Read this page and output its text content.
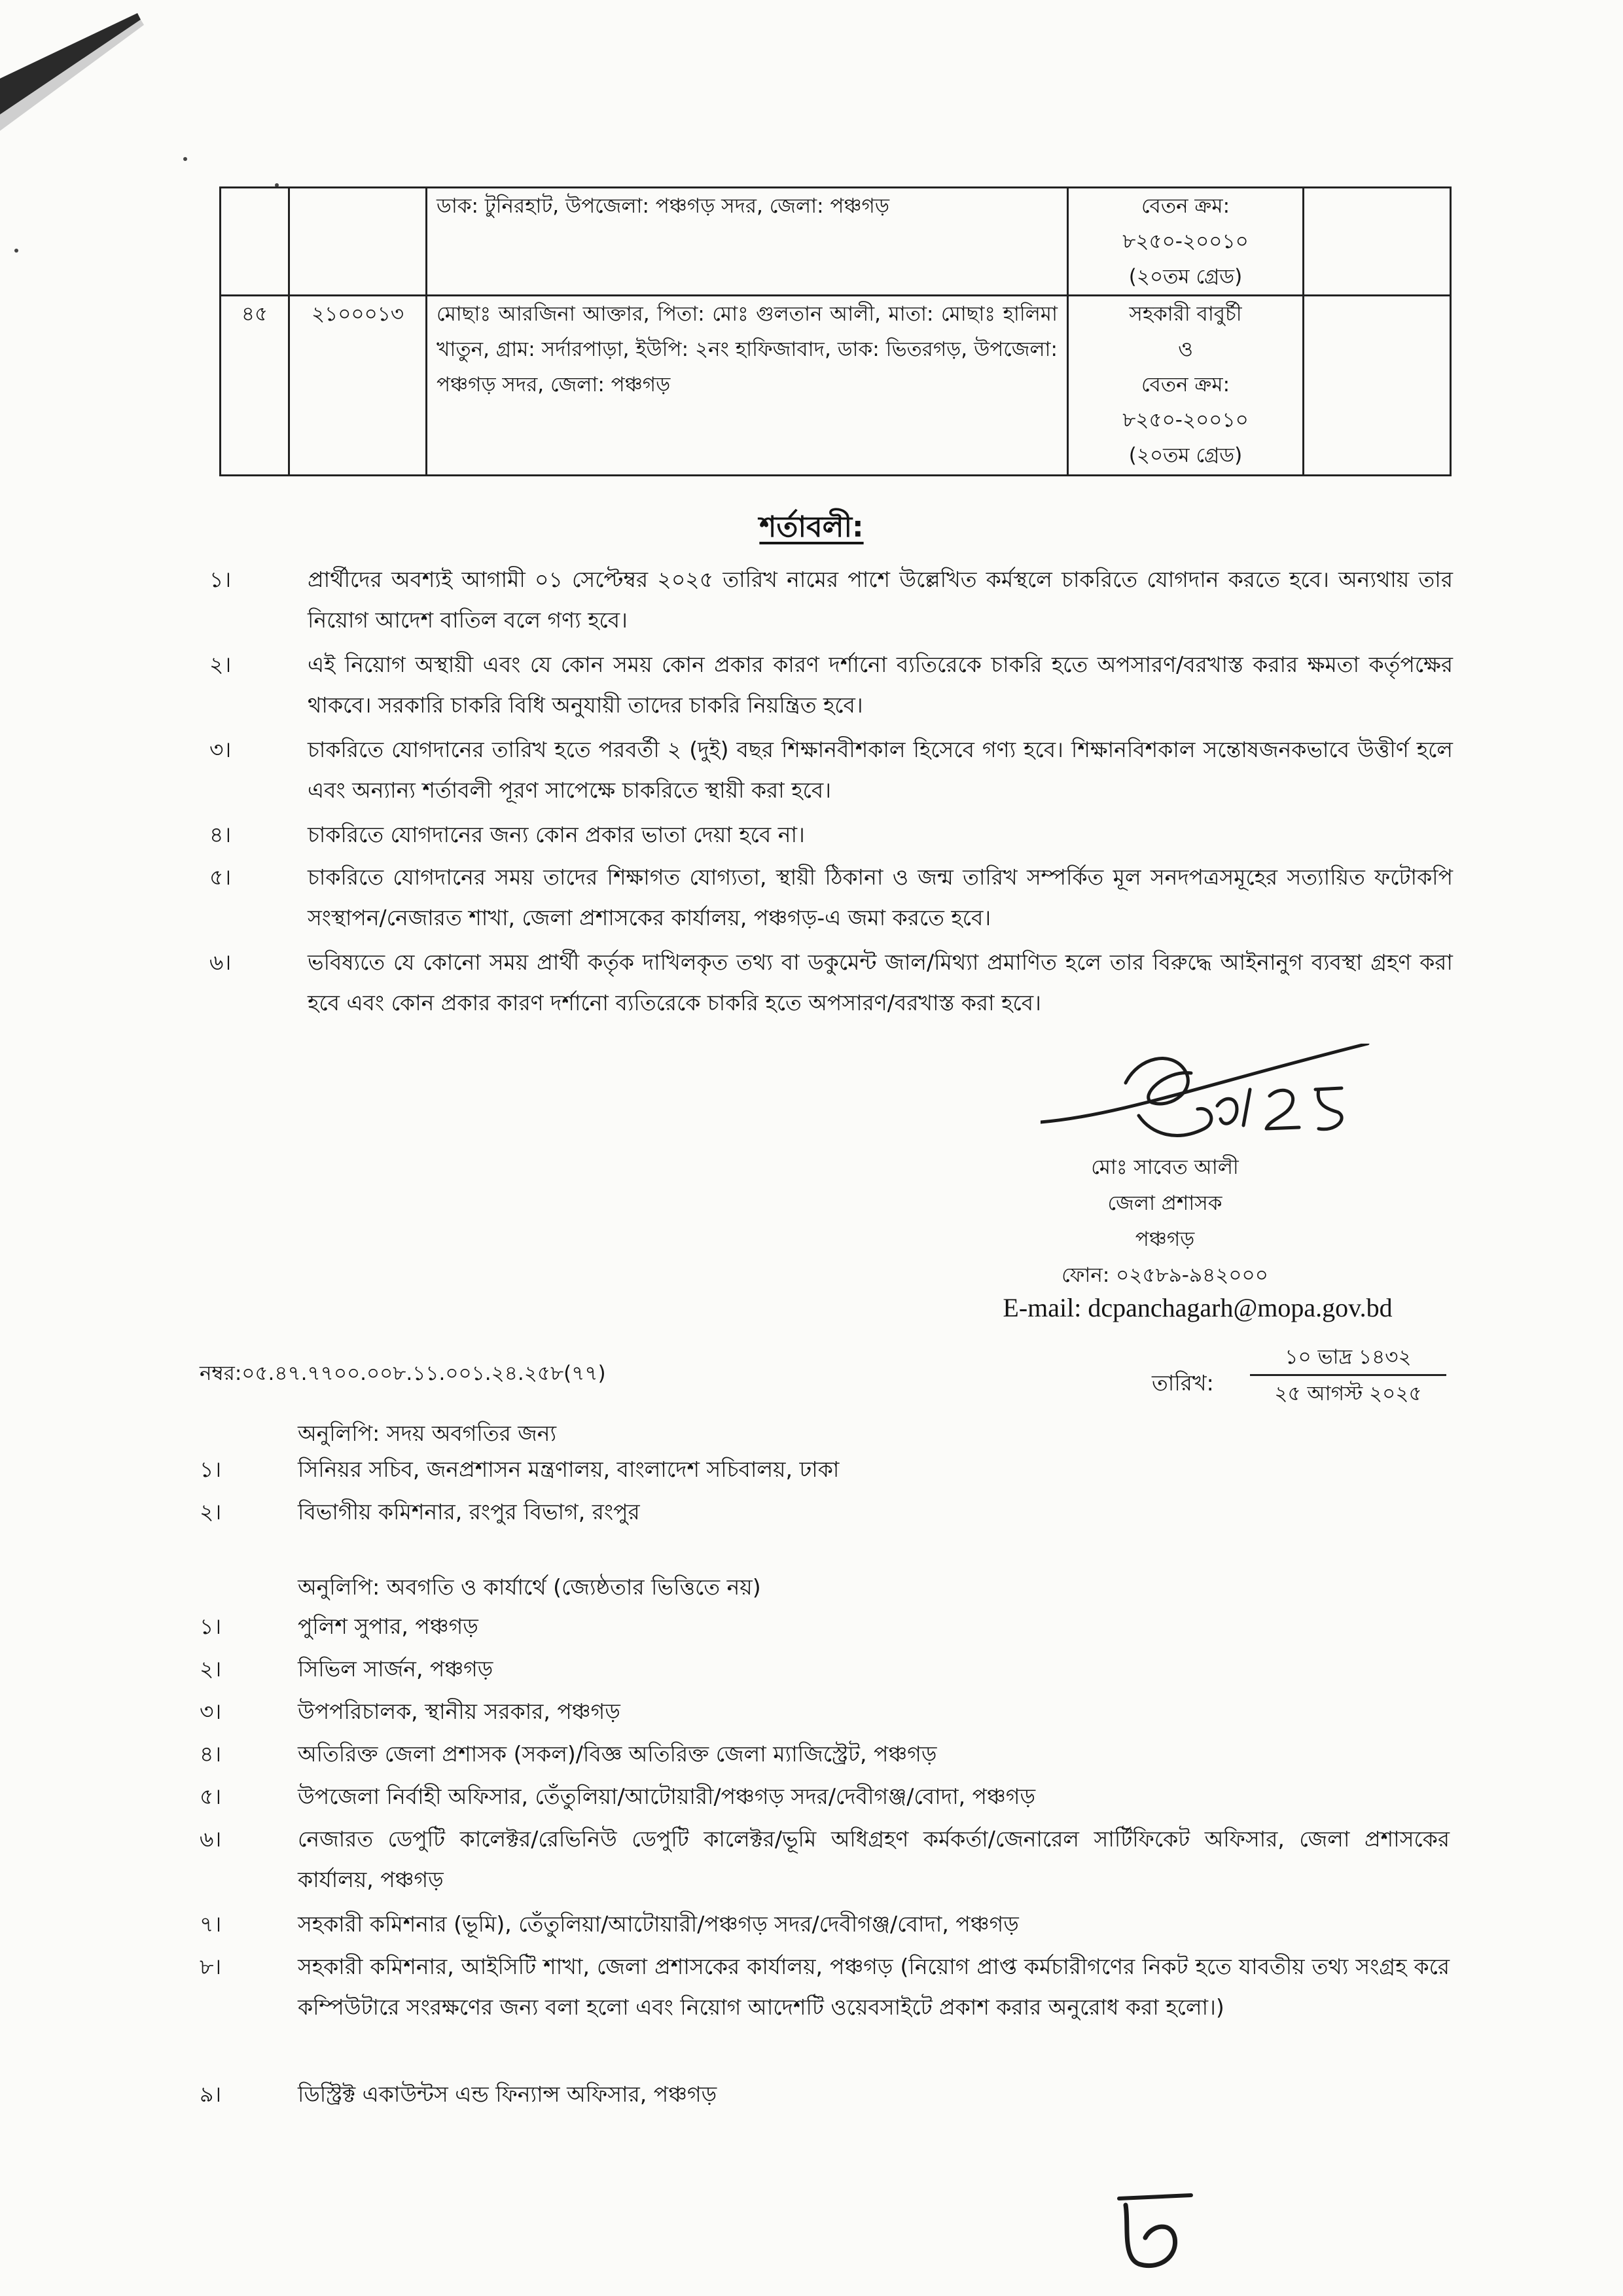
		ডাক: টুনিরহাট, উপজেলা: পঞ্চগড় সদর, জেলা: পঞ্চগড়	বেতন ক্রম:
৮২৫০-২০০১০
(২০তম গ্রেড)	

৪৫	২১০০০১৩	মোছাঃ আরজিনা আক্তার, পিতা: মোঃ গুলতান আলী, মাতা: মোছাঃ হালিমা খাতুন, গ্রাম: সর্দারপাড়া, ইউপি: ২নং হাফিজাবাদ, ডাক: ভিতরগড়, উপজেলা: পঞ্চগড় সদর, জেলা: পঞ্চগড়	সহকারী বাবুর্চী
ও
বেতন ক্রম:
৮২৫০-২০০১০
(২০তম গ্রেড)	

শর্তাবলী:
১।	প্রার্থীদের অবশ্যই আগামী ০১ সেপ্টেম্বর ২০২৫ তারিখ নামের পাশে উল্লেখিত কর্মস্থলে চাকরিতে যোগদান করতে হবে। অন্যথায় তার নিয়োগ আদেশ বাতিল বলে গণ্য হবে।
২।	এই নিয়োগ অস্থায়ী এবং যে কোন সময় কোন প্রকার কারণ দর্শানো ব্যতিরেকে চাকরি হতে অপসারণ/বরখাস্ত করার ক্ষমতা কর্তৃপক্ষের থাকবে। সরকারি চাকরি বিধি অনুযায়ী তাদের চাকরি নিয়ন্ত্রিত হবে।
৩।	চাকরিতে যোগদানের তারিখ হতে পরবর্তী ২ (দুই) বছর শিক্ষানবীশকাল হিসেবে গণ্য হবে। শিক্ষানবিশকাল সন্তোষজনকভাবে উত্তীর্ণ হলে এবং অন্যান্য শর্তাবলী পূরণ সাপেক্ষে চাকরিতে স্থায়ী করা হবে।
৪।	চাকরিতে যোগদানের জন্য কোন প্রকার ভাতা দেয়া হবে না।
৫।	চাকরিতে যোগদানের সময় তাদের শিক্ষাগত যোগ্যতা, স্থায়ী ঠিকানা ও জন্ম তারিখ সম্পর্কিত মূল সনদপত্রসমূহের সত্যায়িত ফটোকপি সংস্থাপন/নেজারত শাখা, জেলা প্রশাসকের কার্যালয়, পঞ্চগড়-এ জমা করতে হবে।
৬।	ভবিষ্যতে যে কোনো সময় প্রার্থী কর্তৃক দাখিলকৃত তথ্য বা ডকুমেন্ট জাল/মিথ্যা প্রমাণিত হলে তার বিরুদ্ধে আইনানুগ ব্যবস্থা গ্রহণ করা হবে এবং কোন প্রকার কারণ দর্শানো ব্যতিরেকে চাকরি হতে অপসারণ/বরখাস্ত করা হবে।
মোঃ সাবেত আলী
জেলা প্রশাসক
পঞ্চগড়
ফোন: ০২৫৮৯-৯৪২০০০
E-mail: dcpanchagarh@mopa.gov.bd
নম্বর:০৫.৪৭.৭৭০০.০০৮.১১.০০১.২৪.২৫৮(৭৭)	তারিখ:
১০ ভাদ্র ১৪৩২
২৫ আগস্ট ২০২৫
অনুলিপি: সদয় অবগতির জন্য
১।	সিনিয়র সচিব, জনপ্রশাসন মন্ত্রণালয়, বাংলাদেশ সচিবালয়, ঢাকা
২।	বিভাগীয় কমিশনার, রংপুর বিভাগ, রংপুর
অনুলিপি: অবগতি ও কার্যার্থে (জ্যেষ্ঠতার ভিত্তিতে নয়)
১।	পুলিশ সুপার, পঞ্চগড়
২।	সিভিল সার্জন, পঞ্চগড়
৩।	উপপরিচালক, স্থানীয় সরকার, পঞ্চগড়
৪।	অতিরিক্ত জেলা প্রশাসক (সকল)/বিজ্ঞ অতিরিক্ত জেলা ম্যাজিস্ট্রেট, পঞ্চগড়
৫।	উপজেলা নির্বাহী অফিসার, তেঁতুলিয়া/আটোয়ারী/পঞ্চগড় সদর/দেবীগঞ্জ/বোদা, পঞ্চগড়
৬।	নেজারত ডেপুটি কালেক্টর/রেভিনিউ ডেপুটি কালেক্টর/ভূমি অধিগ্রহণ কর্মকর্তা/জেনারেল সার্টিফিকেট অফিসার, জেলা প্রশাসকের কার্যালয়, পঞ্চগড়
৭।	সহকারী কমিশনার (ভূমি), তেঁতুলিয়া/আটোয়ারী/পঞ্চগড় সদর/দেবীগঞ্জ/বোদা, পঞ্চগড়
৮।	সহকারী কমিশনার, আইসিটি শাখা, জেলা প্রশাসকের কার্যালয়, পঞ্চগড় (নিয়োগ প্রাপ্ত কর্মচারীগণের নিকট হতে যাবতীয় তথ্য সংগ্রহ করে কম্পিউটারে সংরক্ষণের জন্য বলা হলো এবং নিয়োগ আদেশটি ওয়েবসাইটে প্রকাশ করার অনুরোধ করা হলো।)
৯।	ডিস্ট্রিক্ট একাউন্টস এন্ড ফিন্যান্স অফিসার, পঞ্চগড়
